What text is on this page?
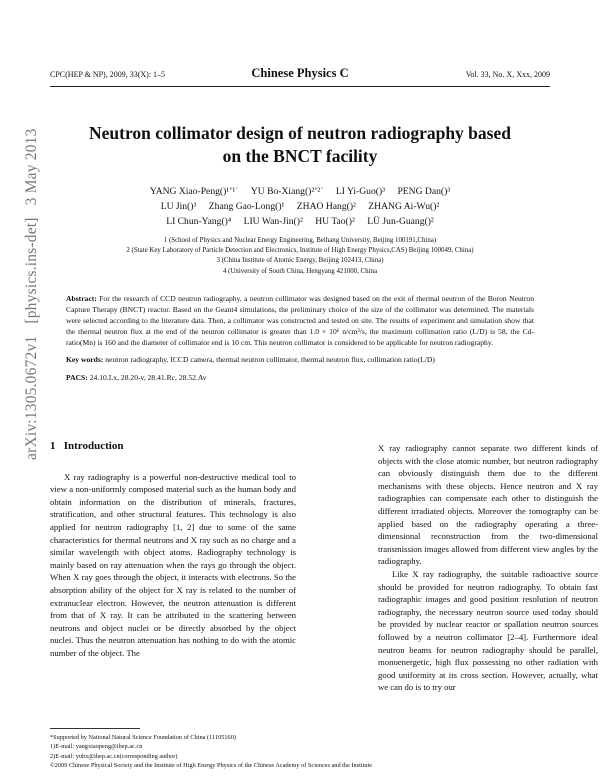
arXiv:1305.0672v1[physics.ins-det]3 May 2013
CPC(HEP & NP), 2009, 33(X): 1–5	Chinese Physics C	Vol. 33, No. X, Xxx, 2009
Neutron collimator design of neutron radiography based
on the BNCT facility
YANG Xiao-Peng()¹ʼ¹ʾ YU Bo-Xiang()²ʼ²ʾ LI Yi-Guo()³ PENG Dan()³
LU Jin()³ Zhang Gao-Long()¹ ZHAO Hang()² ZHANG Ai-Wu()²
LI Chun-Yang()⁴ LIU Wan-Jin()² HU Tao()² LÜ Jun-Guang()²
1 (School of Physics and Nuclear Energy Engineering, Beihang University, Beijing 100191,China)
2 (State Key Laboratory of Particle Detection and Electronics, Institute of High Energy Physics,CAS) Beijing 100049, China)
3 (China Institute of Atomic Energy, Beijing 102413, China)
4 (University of South China, Hengyang 421000, China

Abstract: For the research of CCD neutron radiography, a neutron collimator was designed based on the exit of thermal neutron of the Boron Neutron Capture Therapy (BNCT) reactor. Based on the Geant4 simulations, the preliminary choice of the size of the collimator was determined. The materials were selected according to the literature data. Then, a collimator was constructed and tested on site. The results of experiment and simulation show that the thermal neutron flux at the end of the neutron collimator is greater than 1.0 × 10⁶ n/cm²/s, the maximum collimation ratio (L/D) is 58, the Cd-ratio(Mn) is 160 and the diameter of collimator end is 10 cm. This neutron collimator is considered to be applicable for neutron radiography.

Key words: neutron radiography, ICCD camera, thermal neutron collimator, thermal neutron flux, collimation ratio(L/D)

PACS: 24.10.Lx, 28.20-v, 28.41.Rc, 28.52.Av

1 Introduction

X ray radiography is a powerful non-destructive medical tool to view a non-uniformly composed material such as the human body and obtain information on the distribution of minerals, fractures, stratification, and other structural features. This technology is also applied for neutron radiography [1, 2] due to some of the same characteristics for thermal neutrons and X ray such as no charge and a similar wavelength with object atoms. Radiography technology is mainly based on ray attenuation when the rays go through the object. When X ray goes through the object, it interacts with electrons. So the absorption ability of the object for X ray is related to the number of extranuclear electron. However, the neutron attenuation is different from that of X ray. It can be attributed to the scattering between neutrons and object nuclei or be directly absorbed by the object nuclei. Thus the neutron attenuation has nothing to do with the atomic number of the object. The

X ray radiography cannot separate two different kinds of objects with the close atomic number, but neutron radiography can obviously distinguish them due to the different mechanisms with these objects. Hence neutron and X ray radiographies can compensate each other to distinguish the different irradiated objects. Moreover the tomography can be applied based on the radiography operating a three-dimensional reconstruction from the two-dimensional transmission images allowed from different view angles by the radiography.

Like X ray radiography, the suitable radioactive source should be provided for neutron radiography. To obtain fast radiographic images and good position resolution of neutron radiography, the necessary neutron source used today should be provided by nuclear reactor or spallation neutron sources followed by a neutron collimator [2–4]. Furthermore ideal neutron beams for neutron radiography should be parallel, monoenergetic, high flux possessing no other radiation with good uniformity at its cross section. However, actually, what we can do is to try our

*Supported by National Natural Science Foundation of China (11105160)
1)E-mail: yangxiaopeng@ihep.ac.cn
2)E-mail: yubx@ihep.ac.cn(corresponding author)
©2009 Chinese Physical Society and the Institute of High Energy Physics of the Chinese Academy of Sciences and the Institute
